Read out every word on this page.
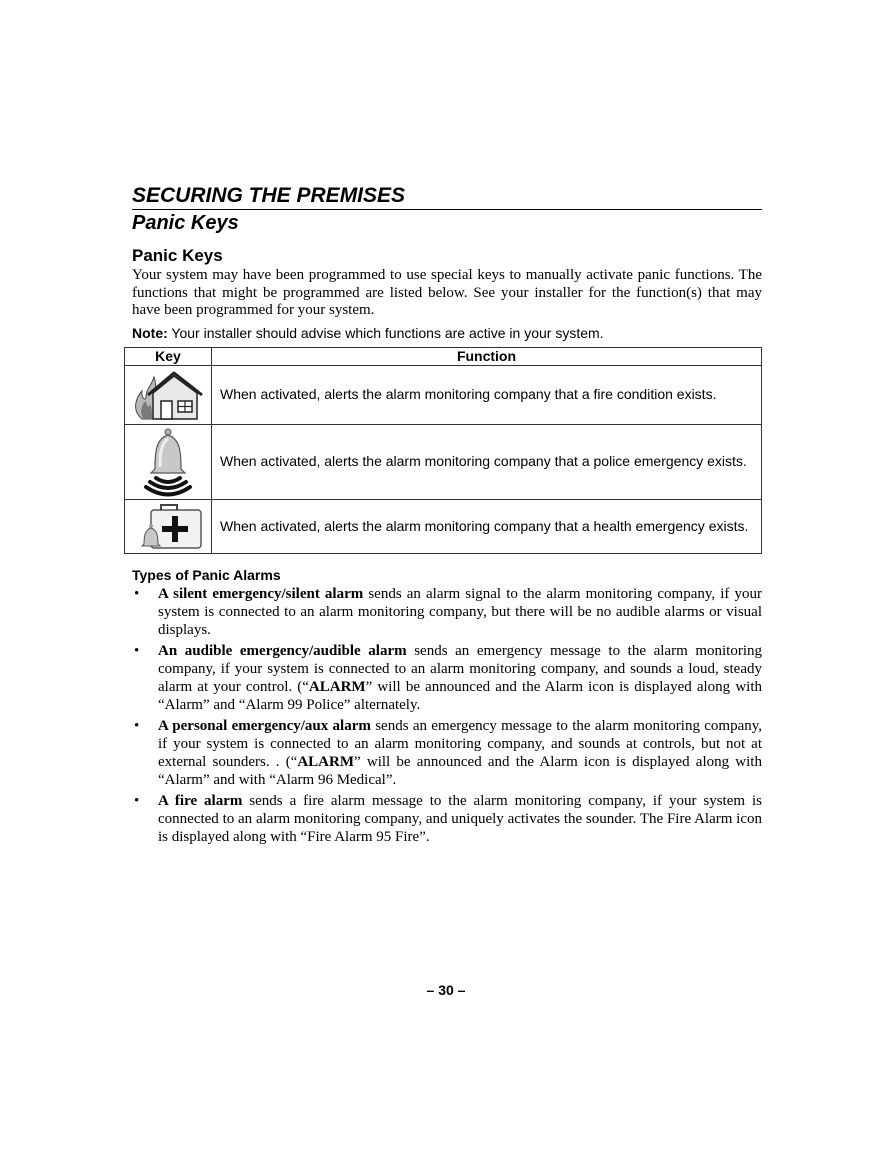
SECURING THE PREMISES
Panic Keys
Panic Keys

Your system may have been programmed to use special keys to manually activate panic functions. The functions that might be programmed are listed below. See your installer for the function(s) that may have been programmed for your system.

Note: Your installer should advise which functions are active in your system.

Key	Function

	When activated, alerts the alarm monitoring company that a fire condition exists.

	When activated, alerts the alarm monitoring company that a police emergency exists.

	When activated, alerts the alarm monitoring company that a health emergency exists.
Types of Panic Alarms
• A silent emergency/silent alarm sends an alarm signal to the alarm monitoring company, if your system is connected to an alarm monitoring company, but there will be no audible alarms or visual displays.
• An audible emergency/audible alarm sends an emergency message to the alarm monitoring company, if your system is connected to an alarm monitoring company, and sounds a loud, steady alarm at your control. (“ALARM” will be announced and the Alarm icon is displayed along with “Alarm” and “Alarm 99 Police” alternately.
• A personal emergency/aux alarm sends an emergency message to the alarm monitoring company, if your system is connected to an alarm monitoring company, and sounds at controls, but not at external sounders. . (“ALARM” will be announced and the Alarm icon is displayed along with “Alarm” and with “Alarm 96 Medical”.
• A fire alarm sends a fire alarm message to the alarm monitoring company, if your system is connected to an alarm monitoring company, and uniquely activates the sounder. The Fire Alarm icon is displayed along with “Fire Alarm 95 Fire”.
– 30 –
